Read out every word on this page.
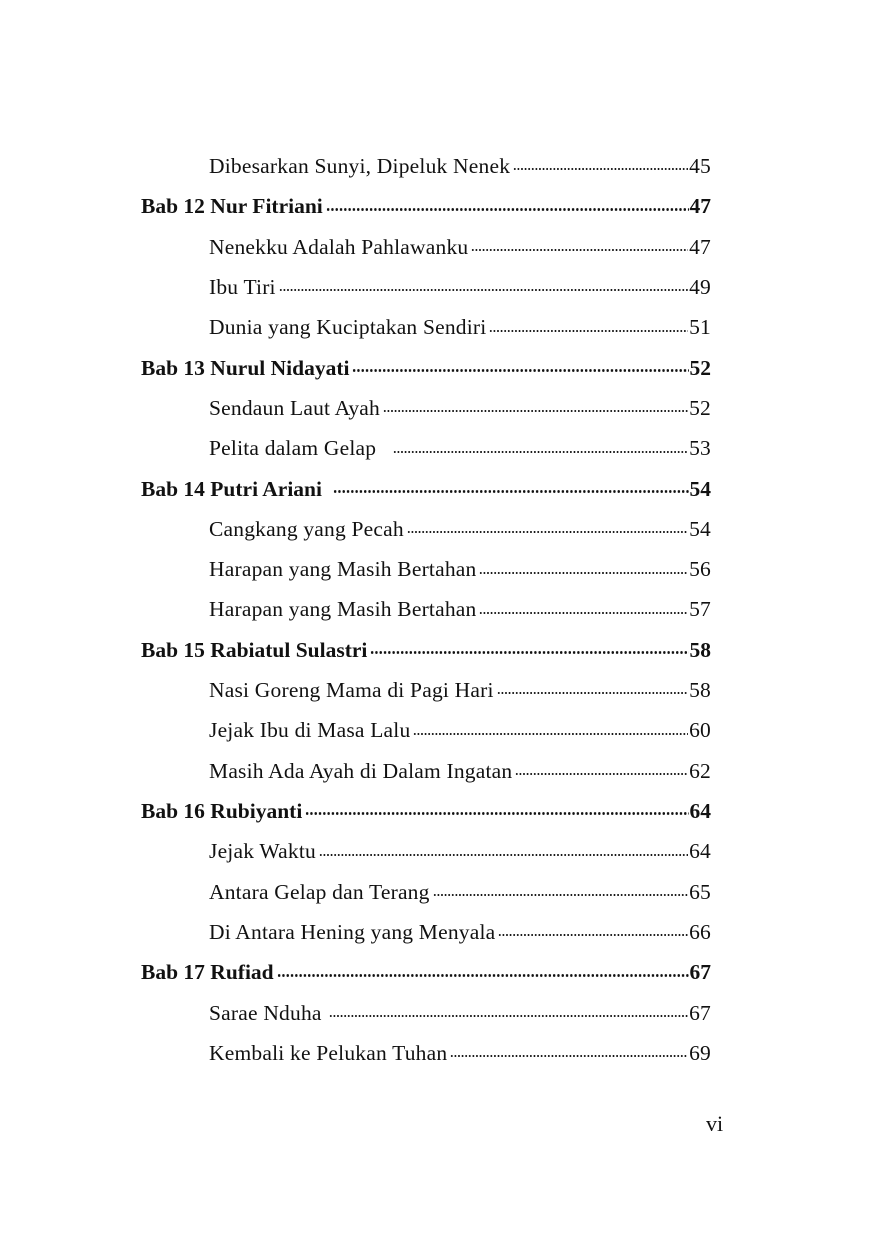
Dibesarkan Sunyi, Dipeluk Nenek	45
Bab 12 Nur Fitriani	47
Nenekku Adalah Pahlawanku	47
Ibu Tiri	49
Dunia yang Kuciptakan Sendiri	51
Bab 13 Nurul Nidayati	52
Sendaun Laut Ayah	52
Pelita dalam Gelap	53
Bab 14 Putri Ariani	54
Cangkang yang Pecah	54
Harapan yang Masih Bertahan	56
Harapan yang Masih Bertahan	57
Bab 15 Rabiatul Sulastri	58
Nasi Goreng Mama di Pagi Hari	58
Jejak Ibu di Masa Lalu	60
Masih Ada Ayah di Dalam Ingatan	62
Bab 16 Rubiyanti	64
Jejak Waktu	64
Antara Gelap dan Terang	65
Di Antara Hening yang Menyala	66
Bab 17 Rufiad	67
Sarae Nduha	67
Kembali ke Pelukan Tuhan	69
vi
